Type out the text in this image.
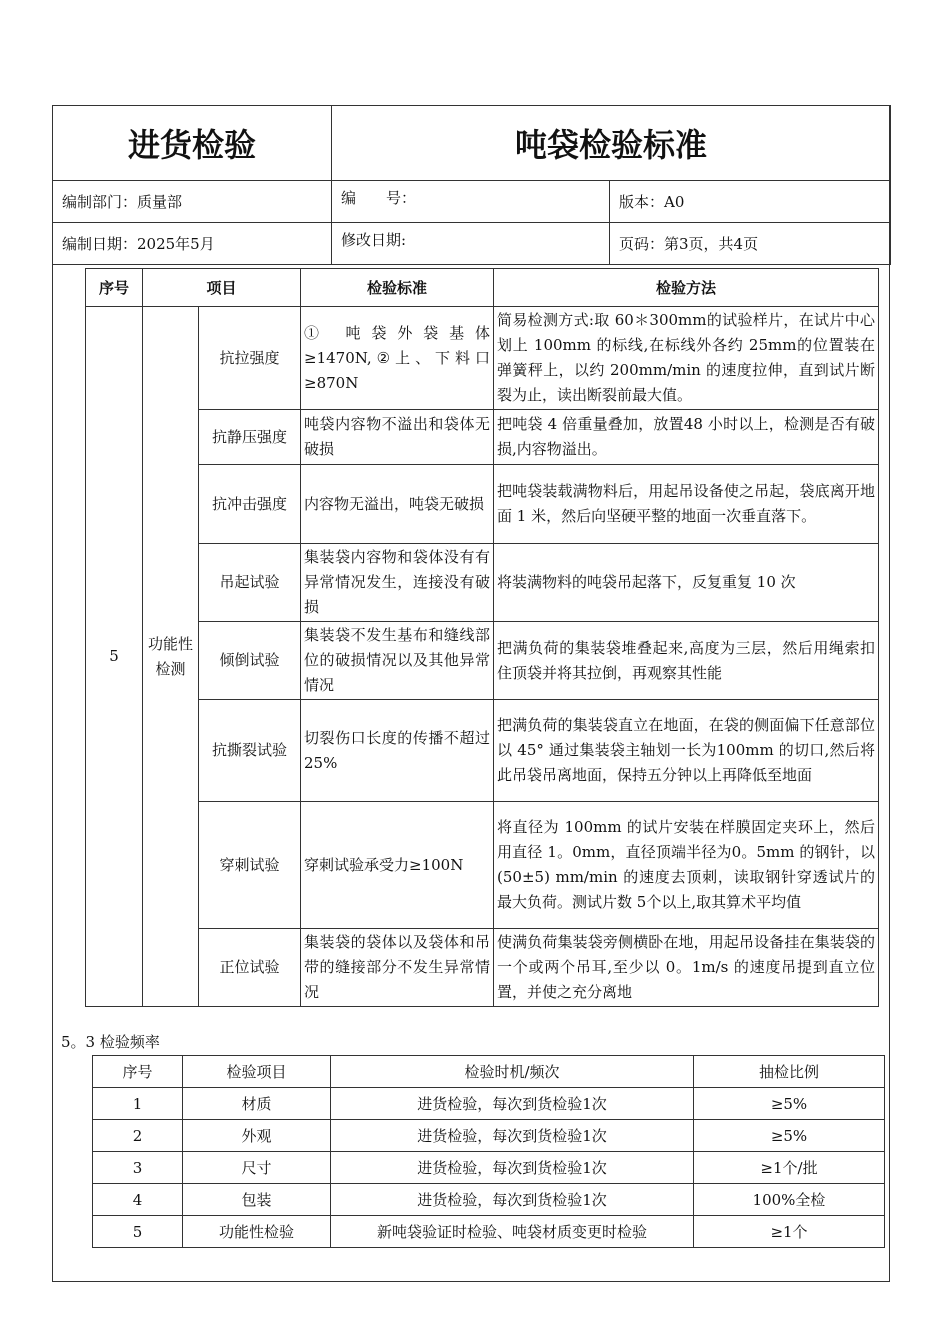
进货检验	吨袋检验标准	
编制部门：质量部	编　　号：	版本：A0
编制日期：2025年5月	修改日期:	页码：第3页，共4页
序号	项目		检验标准	检验方法
5	功能性检测	抗拉强度	① 吨袋外袋基体≥1470N,②上、下料口≥870N	简易检测方式:取 60＊300mm的试验样片，在试片中心划上 100mm 的标线,在标线外各约 25mm的位置装在弹簧秤上，以约 200mm/min 的速度拉伸，直到试片断裂为止，读出断裂前最大值。
		抗静压强度	吨袋内容物不溢出和袋体无破损	把吨袋 4 倍重量叠加，放置48 小时以上，检测是否有破损,内容物溢出。
		抗冲击强度	内容物无溢出，吨袋无破损	把吨袋装载满物料后，用起吊设备使之吊起，袋底离开地面 1 米，然后向坚硬平整的地面一次垂直落下。
		吊起试验	集装袋内容物和袋体没有有异常情况发生，连接没有破损	将装满物料的吨袋吊起落下，反复重复 10 次
		倾倒试验	集装袋不发生基布和缝线部位的破损情况以及其他异常情况	把满负荷的集装袋堆叠起来,高度为三层，然后用绳索扣住顶袋并将其拉倒，再观察其性能
		抗撕裂试验	切裂伤口长度的传播不超过 25%	把满负荷的集装袋直立在地面，在袋的侧面偏下任意部位以 45° 通过集装袋主轴划一长为100mm 的切口,然后将此吊袋吊离地面，保持五分钟以上再降低至地面
		穿刺试验	穿刺试验承受力≥100N	将直径为 100mm 的试片安装在样膜固定夹环上，然后用直径 1。0mm，直径顶端半径为0。5mm 的钢针，以(50±5) mm/min 的速度去顶刺，读取钢针穿透试片的最大负荷。测试片数 5个以上,取其算术平均值
		正位试验	集装袋的袋体以及袋体和吊带的缝接部分不发生异常情况	使满负荷集装袋旁侧横卧在地，用起吊设备挂在集装袋的一个或两个吊耳,至少以 0。1m/s 的速度吊提到直立位置，并使之充分离地
5。3 检验频率
序号	检验项目	检验时机/频次	抽检比例
1	材质	进货检验，每次到货检验1次	≥5%
2	外观	进货检验，每次到货检验1次	≥5%
3	尺寸	进货检验，每次到货检验1次	≥1个/批
4	包装	进货检验，每次到货检验1次	100%全检
5	功能性检验	新吨袋验证时检验、吨袋材质变更时检验	≥1个
